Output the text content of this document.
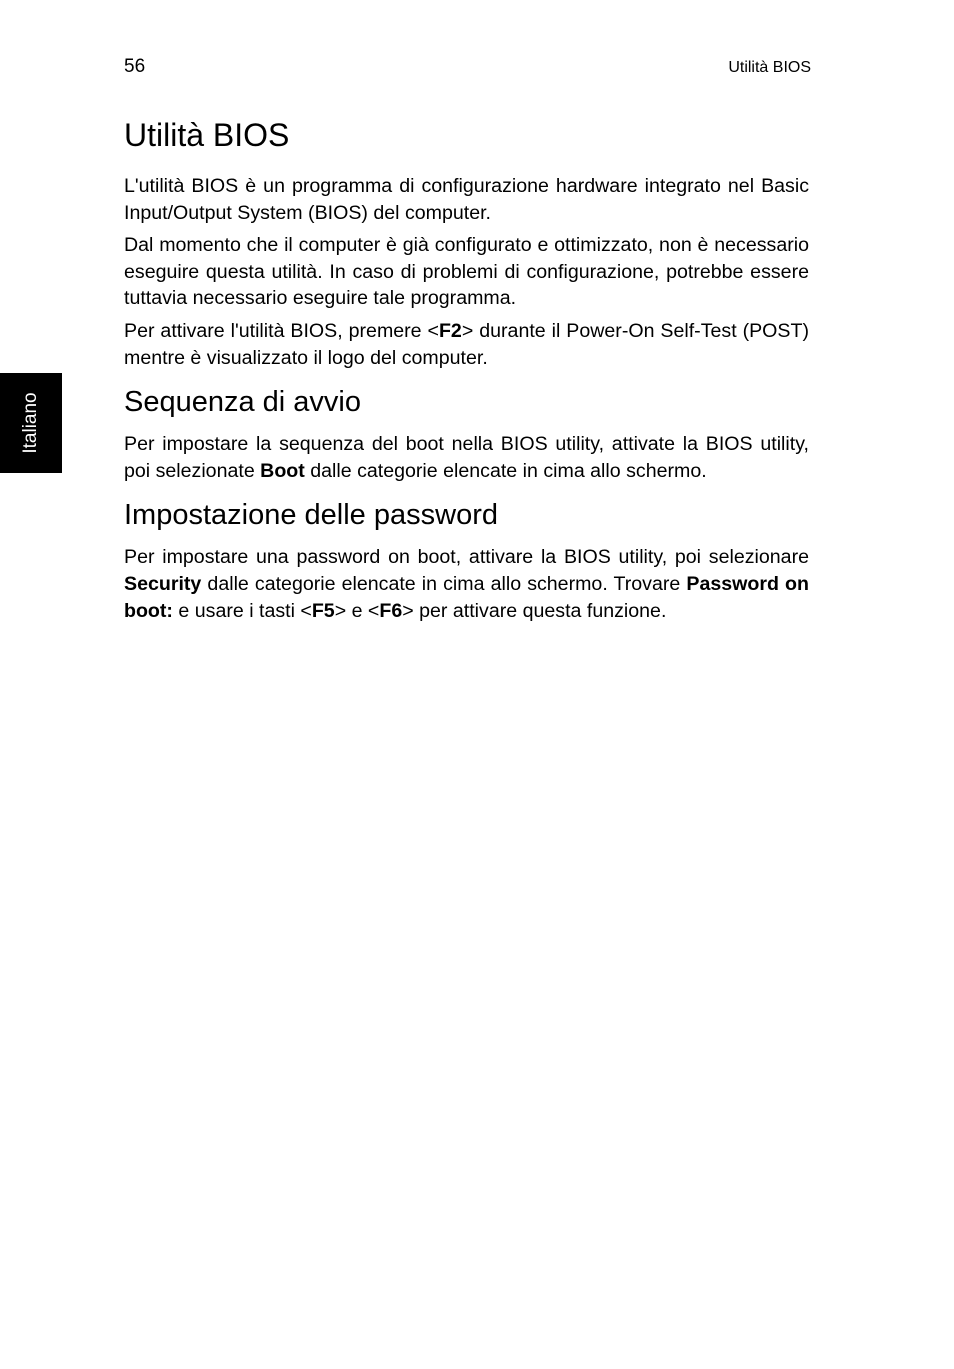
56	Utilità BIOS
Italiano
Utilità BIOS

L'utilità BIOS è un programma di configurazione hardware integrato nel Basic Input/Output System (BIOS) del computer.

Dal momento che il computer è già configurato e ottimizzato, non è necessario eseguire questa utilità. In caso di problemi di configurazione, potrebbe essere tuttavia necessario eseguire tale programma.

Per attivare l'utilità BIOS, premere <F2> durante il Power-On Self-Test (POST) mentre è visualizzato il logo del computer.

Sequenza di avvio

Per impostare la sequenza del boot nella BIOS utility, attivate la BIOS utility, poi selezionate Boot dalle categorie elencate in cima allo schermo.

Impostazione delle password

Per impostare una password on boot, attivare la BIOS utility, poi selezionare Security dalle categorie elencate in cima allo schermo. Trovare Password on boot: e usare i tasti <F5> e <F6> per attivare questa funzione.
